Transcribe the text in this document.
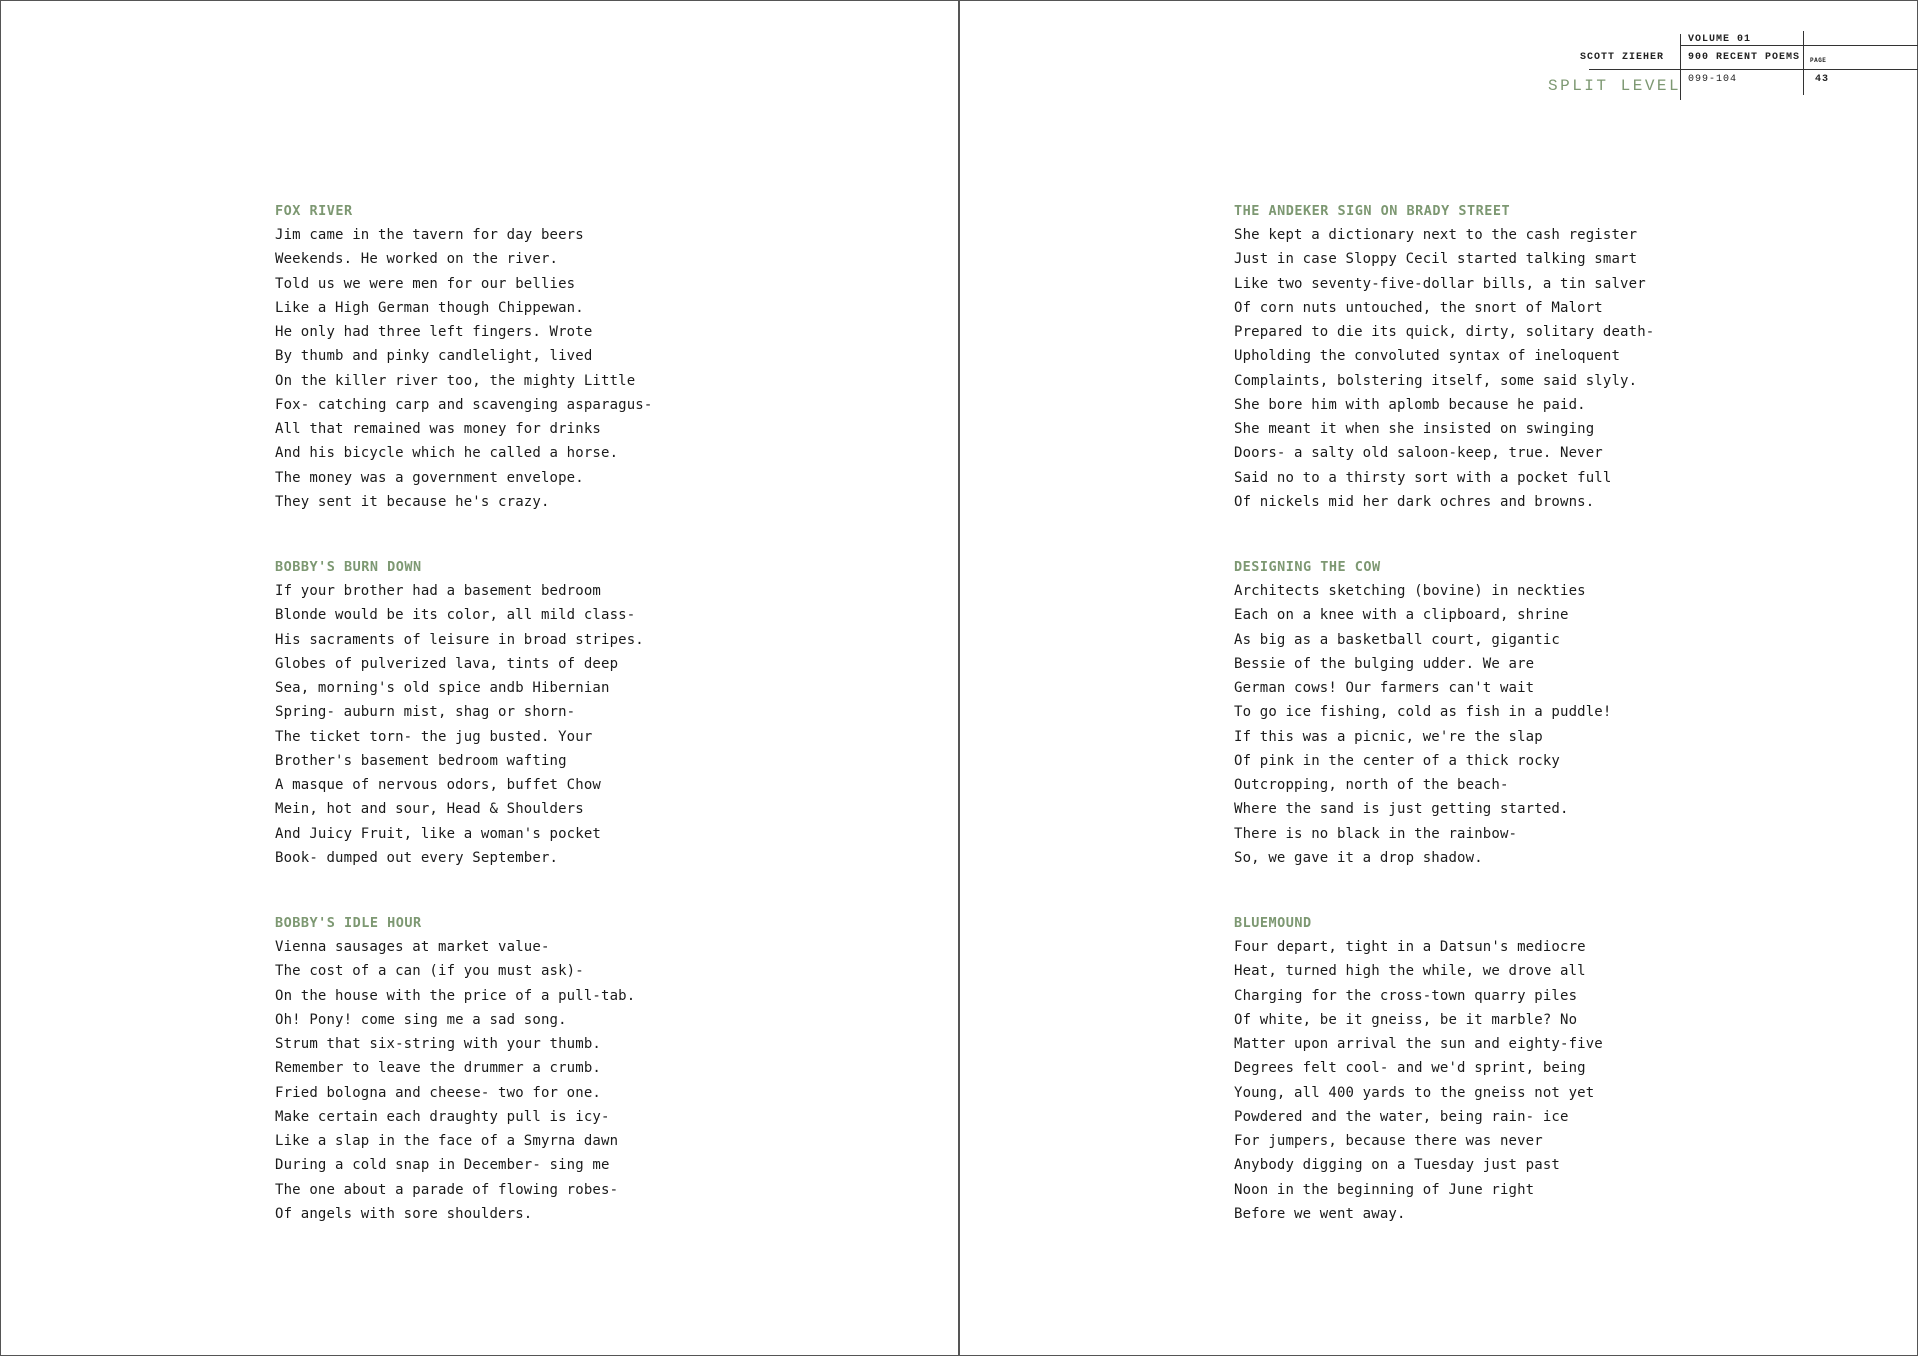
FOX RIVER
Jim came in the tavern for day beers
Weekends. He worked on the river.
Told us we were men for our bellies
Like a High German though Chippewan.
He only had three left fingers. Wrote
By thumb and pinky candlelight, lived
On the killer river too, the mighty Little
Fox- catching carp and scavenging asparagus-
All that remained was money for drinks
And his bicycle which he called a horse.
The money was a government envelope.
They sent it because he's crazy.
BOBBY'S BURN DOWN
If your brother had a basement bedroom
Blonde would be its color, all mild class-
His sacraments of leisure in broad stripes.
Globes of pulverized lava, tints of deep
Sea, morning's old spice andb Hibernian
Spring- auburn mist, shag or shorn-
The ticket torn- the jug busted. Your
Brother's basement bedroom wafting
A masque of nervous odors, buffet Chow
Mein, hot and sour, Head & Shoulders
And Juicy Fruit, like a woman's pocket
Book- dumped out every September.
BOBBY'S IDLE HOUR
Vienna sausages at market value-
The cost of a can (if you must ask)-
On the house with the price of a pull-tab.
Oh! Pony! come sing me a sad song.
Strum that six-string with your thumb.
Remember to leave the drummer a crumb.
Fried bologna and cheese- two for one.
Make certain each draughty pull is icy-
Like a slap in the face of a Smyrna dawn
During a cold snap in December- sing me
The one about a parade of flowing robes-
Of angels with sore shoulders.
VOLUME 01
SCOTT ZIEHER 900 RECENT POEMS PAGE
099-104	43
SPLIT LEVEL
THE ANDEKER SIGN ON BRADY STREET
She kept a dictionary next to the cash register
Just in case Sloppy Cecil started talking smart
Like two seventy-five-dollar bills, a tin salver
Of corn nuts untouched, the snort of Malort
Prepared to die its quick, dirty, solitary death-
Upholding the convoluted syntax of ineloquent
Complaints, bolstering itself, some said slyly.
She bore him with aplomb because he paid.
She meant it when she insisted on swinging
Doors- a salty old saloon-keep, true. Never
Said no to a thirsty sort with a pocket full
Of nickels mid her dark ochres and browns.
DESIGNING THE COW
Architects sketching (bovine) in neckties
Each on a knee with a clipboard, shrine
As big as a basketball court, gigantic
Bessie of the bulging udder. We are
German cows! Our farmers can't wait
To go ice fishing, cold as fish in a puddle!
If this was a picnic, we're the slap
Of pink in the center of a thick rocky
Outcropping, north of the beach-
Where the sand is just getting started.
There is no black in the rainbow-
So, we gave it a drop shadow.
BLUEMOUND
Four depart, tight in a Datsun's mediocre
Heat, turned high the while, we drove all
Charging for the cross-town quarry piles
Of white, be it gneiss, be it marble? No
Matter upon arrival the sun and eighty-five
Degrees felt cool- and we'd sprint, being
Young, all 400 yards to the gneiss not yet
Powdered and the water, being rain- ice
For jumpers, because there was never
Anybody digging on a Tuesday just past
Noon in the beginning of June right
Before we went away.
